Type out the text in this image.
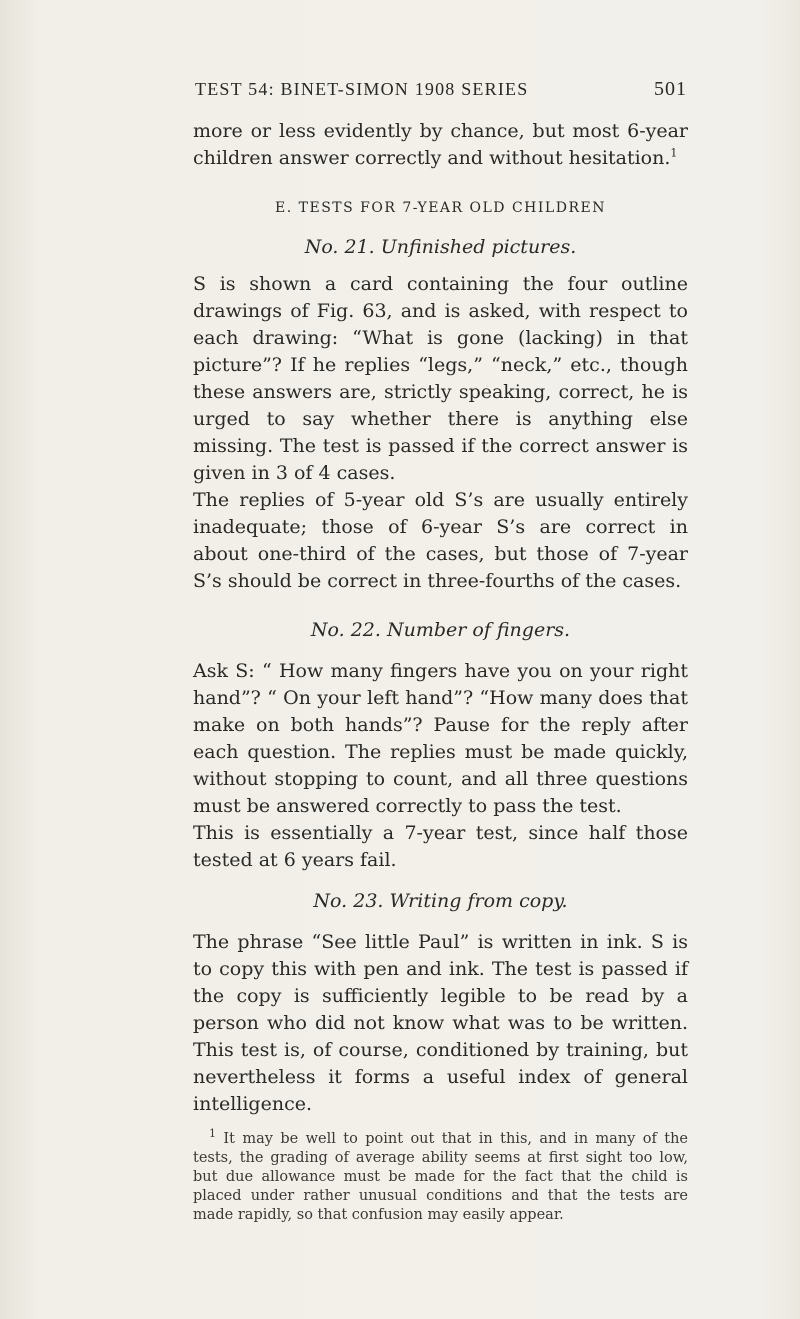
TEST 54: BINET-SIMON 1908 SERIES	501

more or less evidently by chance, but most 6-year children answer correctly and without hesitation.$^1$

E. TESTS FOR 7-YEAR OLD CHILDREN
No. 21. Unfinished pictures.

S is shown a card containing the four outline drawings of Fig. 63, and is asked, with respect to each drawing: “What is gone (lacking) in that picture”? If he replies “legs,” “neck,” etc., though these answers are, strictly speaking, correct, he is urged to say whether there is anything else missing. The test is passed if the correct answer is given in 3 of 4 cases.

The replies of 5-year old S’s are usually entirely inadequate; those of 6-year S’s are correct in about one-third of the cases, but those of 7-year S’s should be correct in three-fourths of the cases.

No. 22. Number of fingers.

Ask S: “ How many fingers have you on your right hand”? “ On your left hand”? “How many does that make on both hands”? Pause for the reply after each question. The replies must be made quickly, without stopping to count, and all three questions must be answered correctly to pass the test.

This is essentially a 7-year test, since half those tested at 6 years fail.

No. 23. Writing from copy.

The phrase “See little Paul” is written in ink. S is to copy this with pen and ink. The test is passed if the copy is sufficiently legible to be read by a person who did not know what was to be written. This test is, of course, conditioned by training, but nevertheless it forms a useful index of general intelligence.

$^1$ It may be well to point out that in this, and in many of the tests, the grading of average ability seems at first sight too low, but due allowance must be made for the fact that the child is placed under rather unusual conditions and that the tests are made rapidly, so that confusion may easily appear.
